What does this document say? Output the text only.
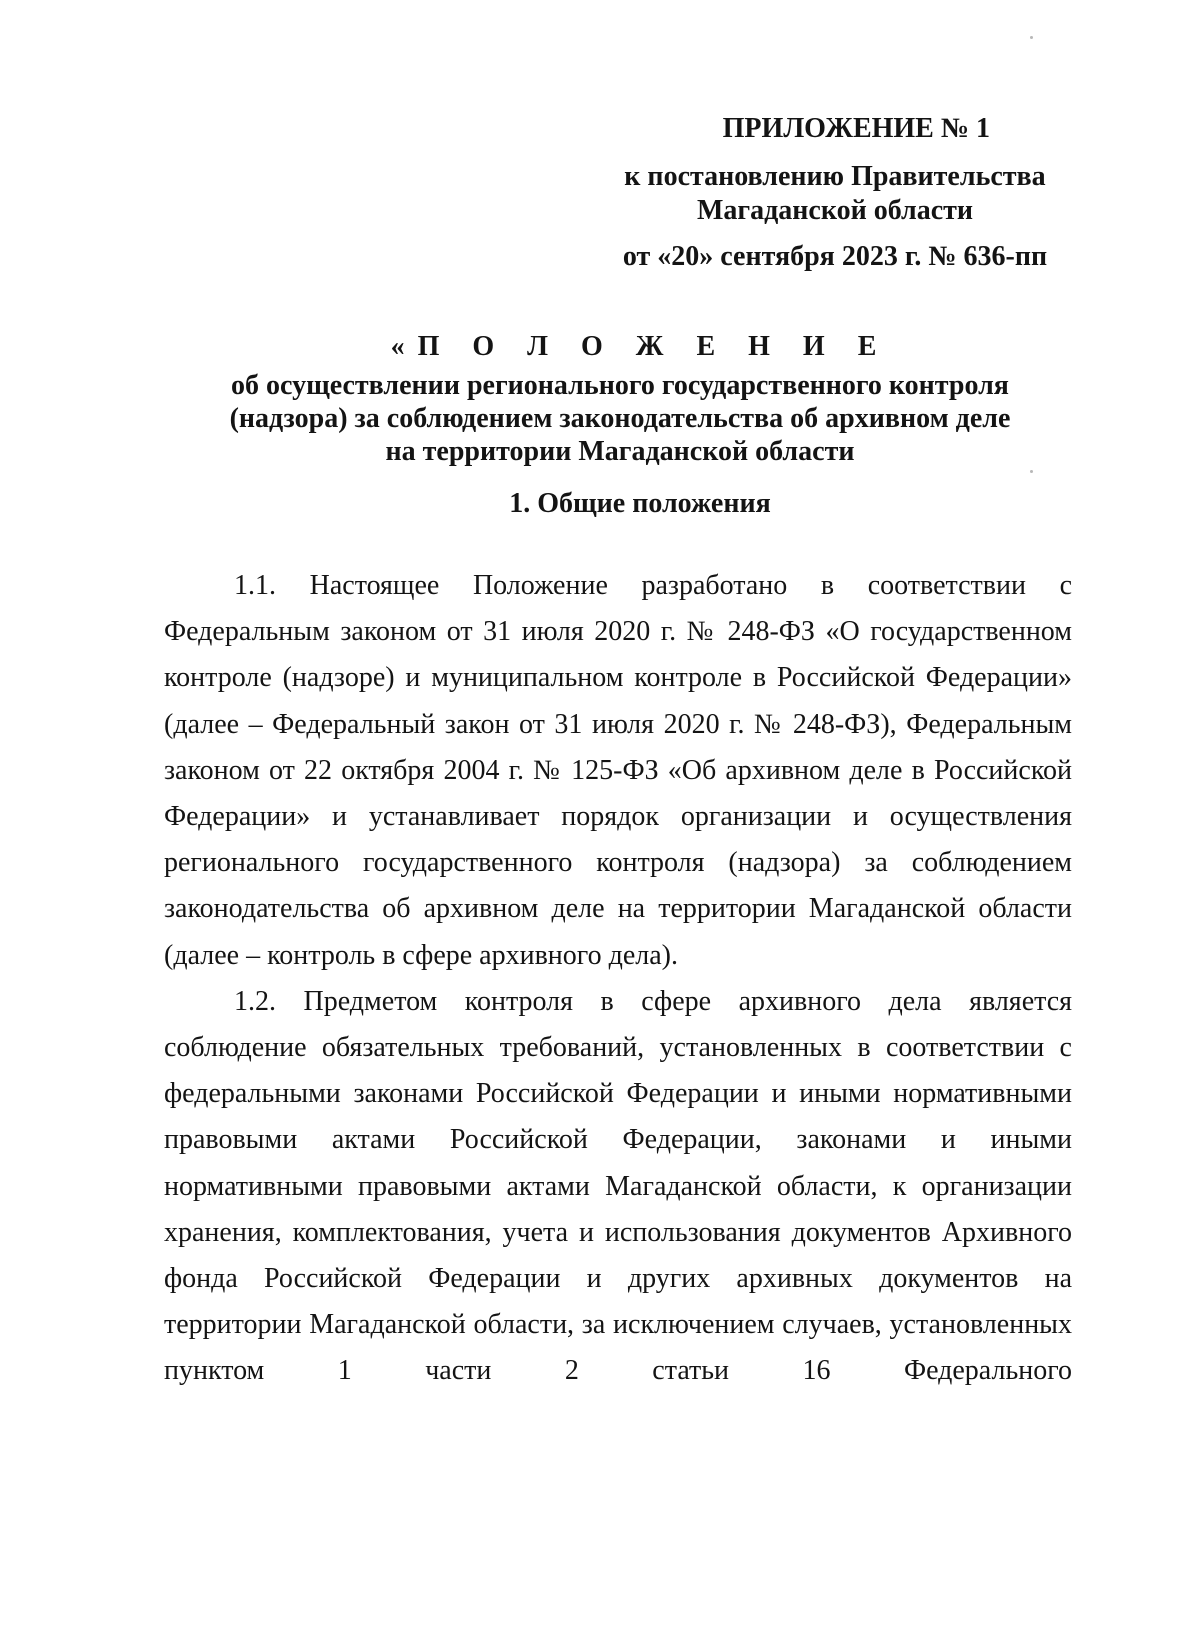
ПРИЛОЖЕНИЕ № 1
к постановлению Правительства
Магаданской области
от «20» сентября 2023 г. № 636-пп
«П О Л О Ж Е Н И Е
об осуществлении регионального государственного контроля
(надзора) за соблюдением законодательства об архивном деле
на территории Магаданской области
1. Общие положения

1.1. Настоящее Положение разработано в соответствии с Федеральным законом от 31 июля 2020 г. № 248-ФЗ «О государственном контроле (надзоре) и муниципальном контроле в Российской Федерации» (далее – Федеральный закон от 31 июля 2020 г. № 248-ФЗ), Федеральным законом от 22 октября 2004 г. № 125-ФЗ «Об архивном деле в Российской Федерации» и устанавливает порядок организации и осуществления регионального государственного контроля (надзора) за соблюдением законодательства об архивном деле на территории Магаданской области (далее – контроль в сфере архивного дела).

1.2. Предметом контроля в сфере архивного дела является соблюдение обязательных требований, установленных в соответствии с федеральными законами Российской Федерации и иными нормативными правовыми актами Российской Федерации, законами и иными нормативными правовыми актами Магаданской области, к организации хранения, комплектования, учета и использования документов Архивного фонда Российской Федерации и других архивных документов на территории Магаданской области, за исключением случаев, установленных пунктом 1 части 2 статьи 16 Федерального
